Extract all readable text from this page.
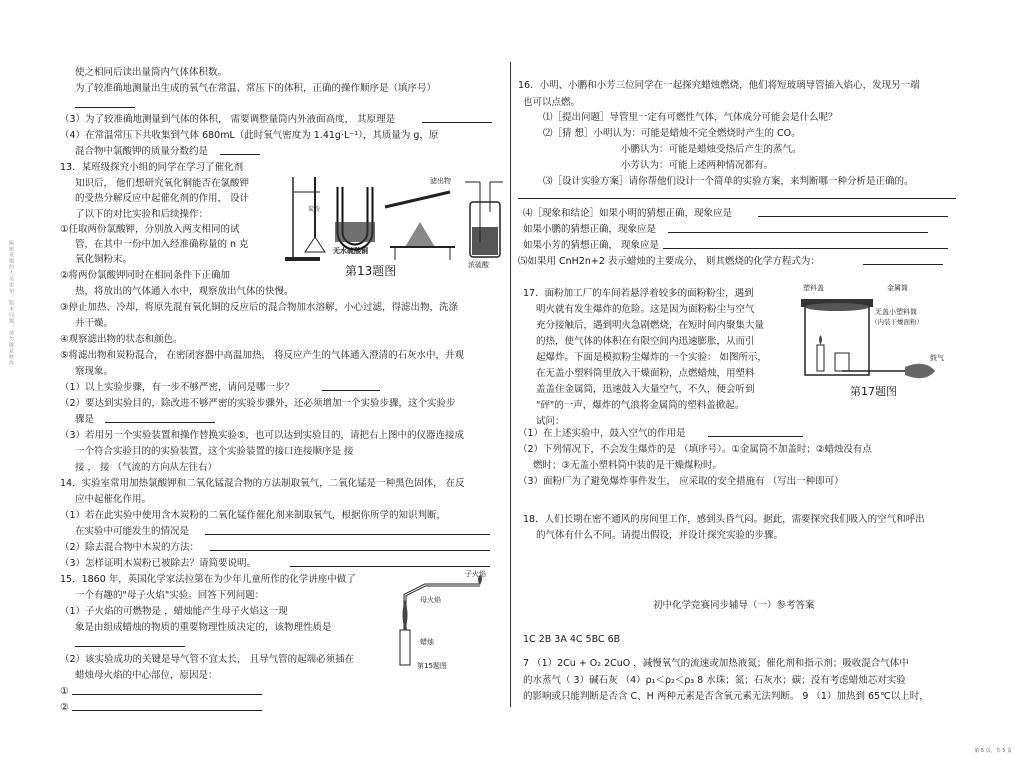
编辑该题的人员需知：版本问题，请勿随意修改
使之相同后读出量筒内气体体积数。
为了较准确地测量出生成的氧气在常温、常压下的体积，正确的操作顺序是（填序号）
（3）为了较准确地测量到气体的体积， 需要调整量筒内外液面高度， 其原理是
（4）在常温常压下共收集到气体 680mL（此时氧气密度为 1.41g·L⁻¹），其质量为 g，原
混合物中氯酸钾的质量分数约是
13．某班级探究小组的同学在学习了催化剂
知识后， 他们想研究氧化铜能否在氯酸钾
的受热分解反应中起催化剂的作用， 设计
了以下的对比实验和后续操作：
①任取两份氯酸钾，分别放入两支相同的试
管，在其中一份中加入经准确称量的 n 克
氧化铜粉末。
②将两份氯酸钾同时在相同条件下正确加
热，将放出的气体通入水中，观察放出气体的快慢。
③停止加热、冷却，将原先混有氧化铜的反应后的混合物加水溶解，小心过滤，得滤出物，洗涤
并干燥。
④观察滤出物的状态和颜色。
⑤将滤出物和炭粉混合， 在密闭容器中高温加热， 将反应产生的气体通入澄清的石灰水中，并观
察现象。
（1）以上实验步骤，有一步不够严密，请问是哪一步？
（2）要达到实验目的，除改进不够严密的实验步骤外，还必须增加一个实验步骤，这个实验步
骤是
（3）若用另一个实验装置和操作替换实验⑤，也可以达到实验目的，请把右上图中的仪器连接成
一个符合实验目的的实验装置，这个实验装置的接口连接顺序是 接
接 ， 接 （气流的方向从左往右）
14．实验室常用加热氯酸钾和二氧化锰混合物的方法制取氧气，二氧化锰是一种黑色固体， 在反
应中起催化作用。
（1）若在此实验中使用含木炭粉的二氧化锰作催化剂来制取氧气，根据你所学的知识判断，
在实验中可能发生的情况是
（2）除去混合物中木炭的方法：
（3）怎样证明木炭粉已被除去？请简要说明。
15．1860 年，英国化学家法拉第在为少年儿童所作的化学讲座中做了
一个有趣的"母子火焰"实验。回答下列问题：
（1）子火焰的可燃物是 ，蜡烛能产生母子火焰这一现
象是由组成蜡烛的物质的重要物理性质决定的，该物理性质是
（2）该实验成功的关键是导气管不宜太长， 且导气管的起端必须插在
蜡烛母火焰的中心部位，原因是：
①
②
滤出物
炭粉
无水硫酸铜
浓硫酸
第13题图
子火焰
母火焰
蜡烛
第15题图
16．小明、小鹏和小芳三位同学在一起探究蜡烛燃烧，他们将短玻璃导管插入焰心，发现另一端
也可以点燃。
⑴［提出问题］导管里一定有可燃性气体，气体成分可能会是什么呢？
⑵［猜 想］小明认为：可能是蜡烛不完全燃烧时产生的 CO。
小鹏认为：可能是蜡烛受热后产生的蒸气。
小芳认为：可能上述两种情况都有。
⑶［设计实验方案］请你帮他们设计一个简单的实验方案，来判断哪一种分析是正确的。
⑷［现象和结论］如果小明的猜想正确，现象应是
如果小鹏的猜想正确，现象应是
如果小芳的猜想正确， 现象应是
⑸如果用 CnH2n+2 表示蜡烛的主要成分， 则其燃烧的化学方程式为：
17．面粉加工厂的车间若悬浮着较多的面粉粉尘，遇到
明火就有发生爆炸的危险。这是因为面粉粉尘与空气
充分接触后，遇到明火急剧燃烧，在短时间内聚集大量
的热，使气体的体积在有限空间内迅速膨胀，从而引
起爆炸。下面是模拟粉尘爆炸的一个实验： 如图所示，
在无盖小塑料筒里放入干燥面粉，点燃蜡烛，用塑料
盖盖住金属筒，迅速鼓入大量空气，不久，便会听到
"砰"的一声，爆炸的气浪将金属筒的塑料盖掀起。
试问：
（1）在上述实验中，鼓入空气的作用是
（2）下列情况下，不会发生爆炸的是 （填序号）。①金属筒不加盖时；②蜡烛没有点
燃时；③无盖小塑料筒中装的是干燥煤粉时。
（3）面粉厂为了避免爆炸事件发生， 应采取的安全措施有 （写出一种即可）
18．人们长期在密不通风的房间里工作，感到头昏气闷。据此，需要探究我们吸入的空气和呼出
的气体有什么不同。请提出假设，并设计探究实验的步骤。
初中化学竞赛同步辅导（一）参考答案
1C 2B 3A 4C 5BC 6B
7 （1）2Cu + O₂ 2CuO ，减慢氧气的流速或加热液氮；催化剂和指示剂；吸收混合气体中
的水蒸气（ 3）碱石灰 （4）ρ₁＜ρ₂＜ρ₃ 8 水珠；氮；石灰水；碳；没有考虑蜡烛芯对实验
的影响或只能判断是否含 C、H 两种元素是否含氧元素无法判断。 9 （1）加热到 65℃以上时，
塑料盖	金属筒
无盖小塑料筒
（内装干燥面粉）
鼓气
第17题图
第 5 页，共 5 页
